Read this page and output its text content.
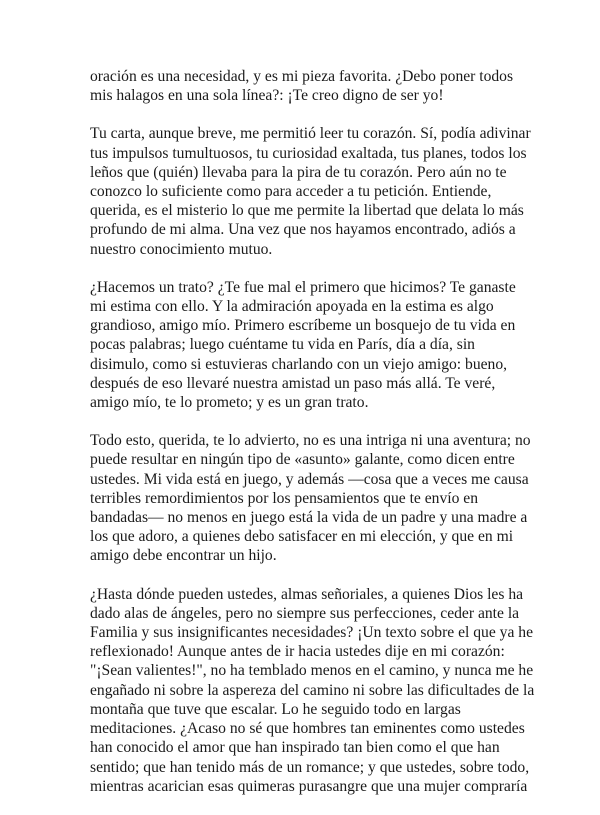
oración es una necesidad, y es mi pieza favorita. ¿Debo poner todos
mis halagos en una sola línea?: ¡Te creo digno de ser yo!

Tu carta, aunque breve, me permitió leer tu corazón. Sí, podía adivinar
tus impulsos tumultuosos, tu curiosidad exaltada, tus planes, todos los
leños que (quién) llevaba para la pira de tu corazón. Pero aún no te
conozco lo suficiente como para acceder a tu petición. Entiende,
querida, es el misterio lo que me permite la libertad que delata lo más
profundo de mi alma. Una vez que nos hayamos encontrado, adiós a
nuestro conocimiento mutuo.

¿Hacemos un trato? ¿Te fue mal el primero que hicimos? Te ganaste
mi estima con ello. Y la admiración apoyada en la estima es algo
grandioso, amigo mío. Primero escríbeme un bosquejo de tu vida en
pocas palabras; luego cuéntame tu vida en París, día a día, sin
disimulo, como si estuvieras charlando con un viejo amigo: bueno,
después de eso llevaré nuestra amistad un paso más allá. Te veré,
amigo mío, te lo prometo; y es un gran trato.

Todo esto, querida, te lo advierto, no es una intriga ni una aventura; no
puede resultar en ningún tipo de «asunto» galante, como dicen entre
ustedes. Mi vida está en juego, y además —cosa que a veces me causa
terribles remordimientos por los pensamientos que te envío en
bandadas— no menos en juego está la vida de un padre y una madre a
los que adoro, a quienes debo satisfacer en mi elección, y que en mi
amigo debe encontrar un hijo.

¿Hasta dónde pueden ustedes, almas señoriales, a quienes Dios les ha
dado alas de ángeles, pero no siempre sus perfecciones, ceder ante la
Familia y sus insignificantes necesidades? ¡Un texto sobre el que ya he
reflexionado! Aunque antes de ir hacia ustedes dije en mi corazón:
"¡Sean valientes!", no ha temblado menos en el camino, y nunca me he
engañado ni sobre la aspereza del camino ni sobre las dificultades de la
montaña que tuve que escalar. Lo he seguido todo en largas
meditaciones. ¿Acaso no sé que hombres tan eminentes como ustedes
han conocido el amor que han inspirado tan bien como el que han
sentido; que han tenido más de un romance; y que ustedes, sobre todo,
mientras acarician esas quimeras purasangre que una mujer compraría
